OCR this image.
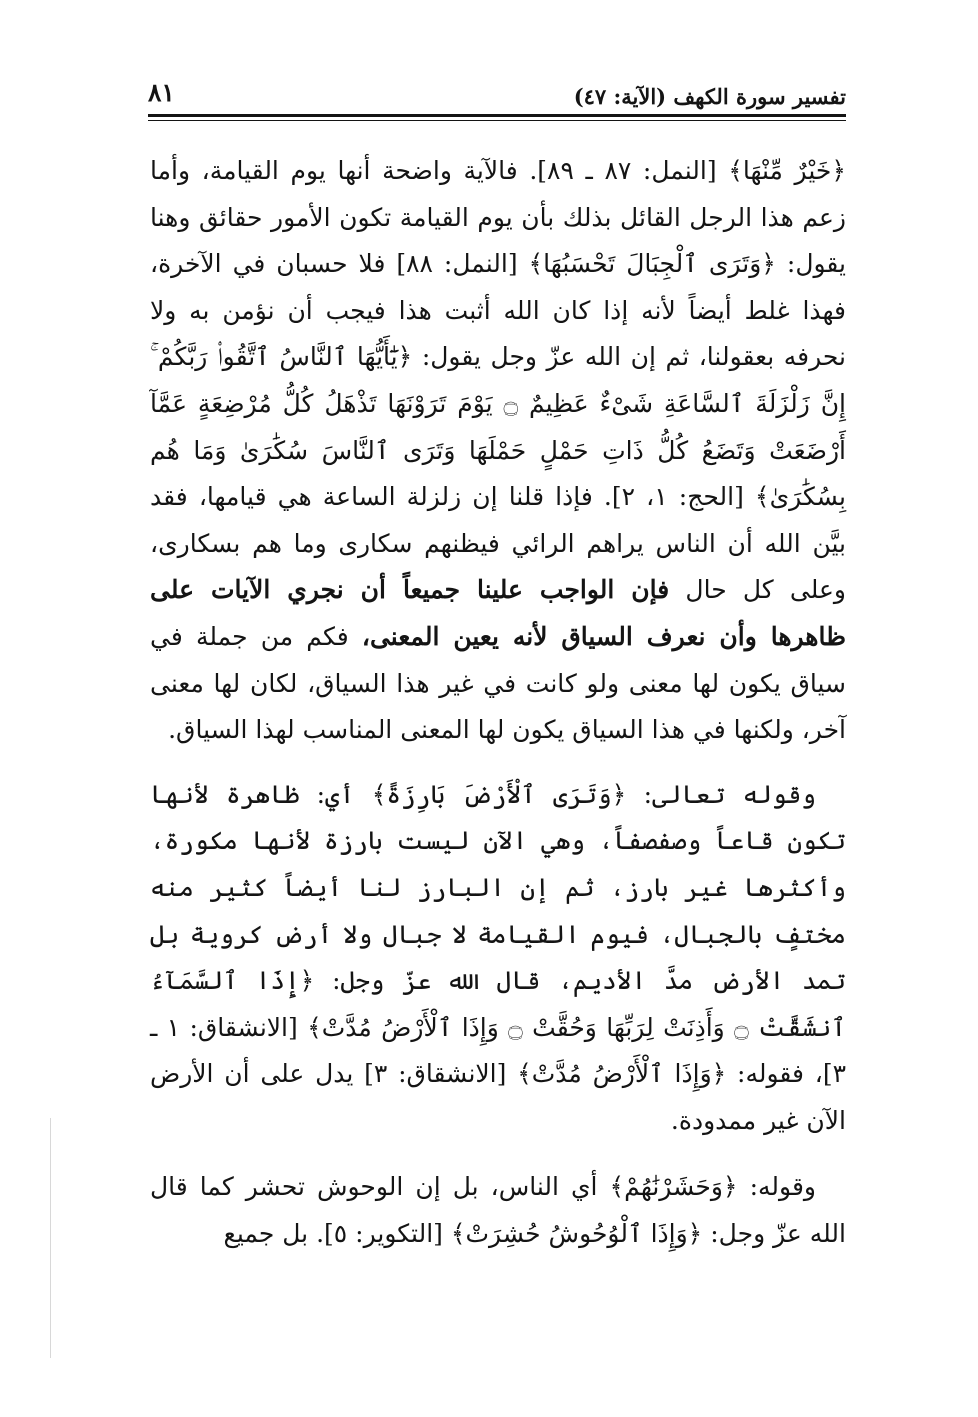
تفسير سورة الكهف (الآية: ٤٧)
٨١

﴿خَيْرٌ مِّنْهَا﴾ [النمل: ٨٧ ـ ٨٩]. فالآية واضحة أنها يوم القيامة، وأما زعم هذا الرجل القائل بذلك بأن يوم القيامة تكون الأمور حقائق وهنا يقول: ﴿وَتَرَى ٱلْجِبَالَ تَحْسَبُهَا﴾ [النمل: ٨٨] فلا حسبان في الآخرة، فهذا غلط أيضاً لأنه إذا كان الله أثبت هذا فيجب أن نؤمن به ولا نحرفه بعقولنا، ثم إن الله عزّ وجل يقول: ﴿يَٰٓأَيُّهَا ٱلنَّاسُ ٱتَّقُوا۟ رَبَّكُمْ ۚ إِنَّ زَلْزَلَةَ ٱلسَّاعَةِ شَىْءٌ عَظِيمٌ ۝ يَوْمَ تَرَوْنَهَا تَذْهَلُ كُلُّ مُرْضِعَةٍ عَمَّآ أَرْضَعَتْ وَتَضَعُ كُلُّ ذَاتِ حَمْلٍ حَمْلَهَا وَتَرَى ٱلنَّاسَ سُكَٰرَىٰ وَمَا هُم بِسُكَٰرَىٰ﴾ [الحج: ١، ٢]. فإذا قلنا إن زلزلة الساعة هي قيامها، فقد بيَّن الله أن الناس يراهم الرائي فيظنهم سكارى وما هم بسكارى، وعلى كل حال فإن الواجب علينا جميعاً أن نجري الآيات على ظاهرها وأن نعرف السياق لأنه يعين المعنى، فكم من جملة في سياق يكون لها معنى ولو كانت في غير هذا السياق، لكان لها معنى آخر، ولكنها في هذا السياق يكون لها المعنى المناسب لهذا السياق.

وقوله تعالى: ﴿وَتَرَى ٱلْأَرْضَ بَارِزَةً﴾ أي: ظاهرة لأنها تكون قاعاً وصفصفاً، وهي الآن ليست بارزة لأنها مكورة، وأكثرها غير بارز، ثم إن البارز لنا أيضاً كثير منه مختفٍ بالجبال، فيوم القيامة لا جبال ولا أرض كروية بل تمد الأرض مدَّ الأديم، قال الله عزّ وجل: ﴿إِذَا ٱلسَّمَآءُ ٱنشَقَّتْ ۝ وَأَذِنَتْ لِرَبِّهَا وَحُقَّتْ ۝ وَإِذَا ٱلْأَرْضُ مُدَّتْ﴾ [الانشقاق: ١ ـ ٣]، فقوله: ﴿وَإِذَا ٱلْأَرْضُ مُدَّتْ﴾ [الانشقاق: ٣] يدل على أن الأرض الآن غير ممدودة.

وقوله: ﴿وَحَشَرْنَٰهُمْ﴾ أي الناس، بل إن الوحوش تحشر كما قال الله عزّ وجل: ﴿وَإِذَا ٱلْوُحُوشُ حُشِرَتْ﴾ [التكوير: ٥]. بل جميع
